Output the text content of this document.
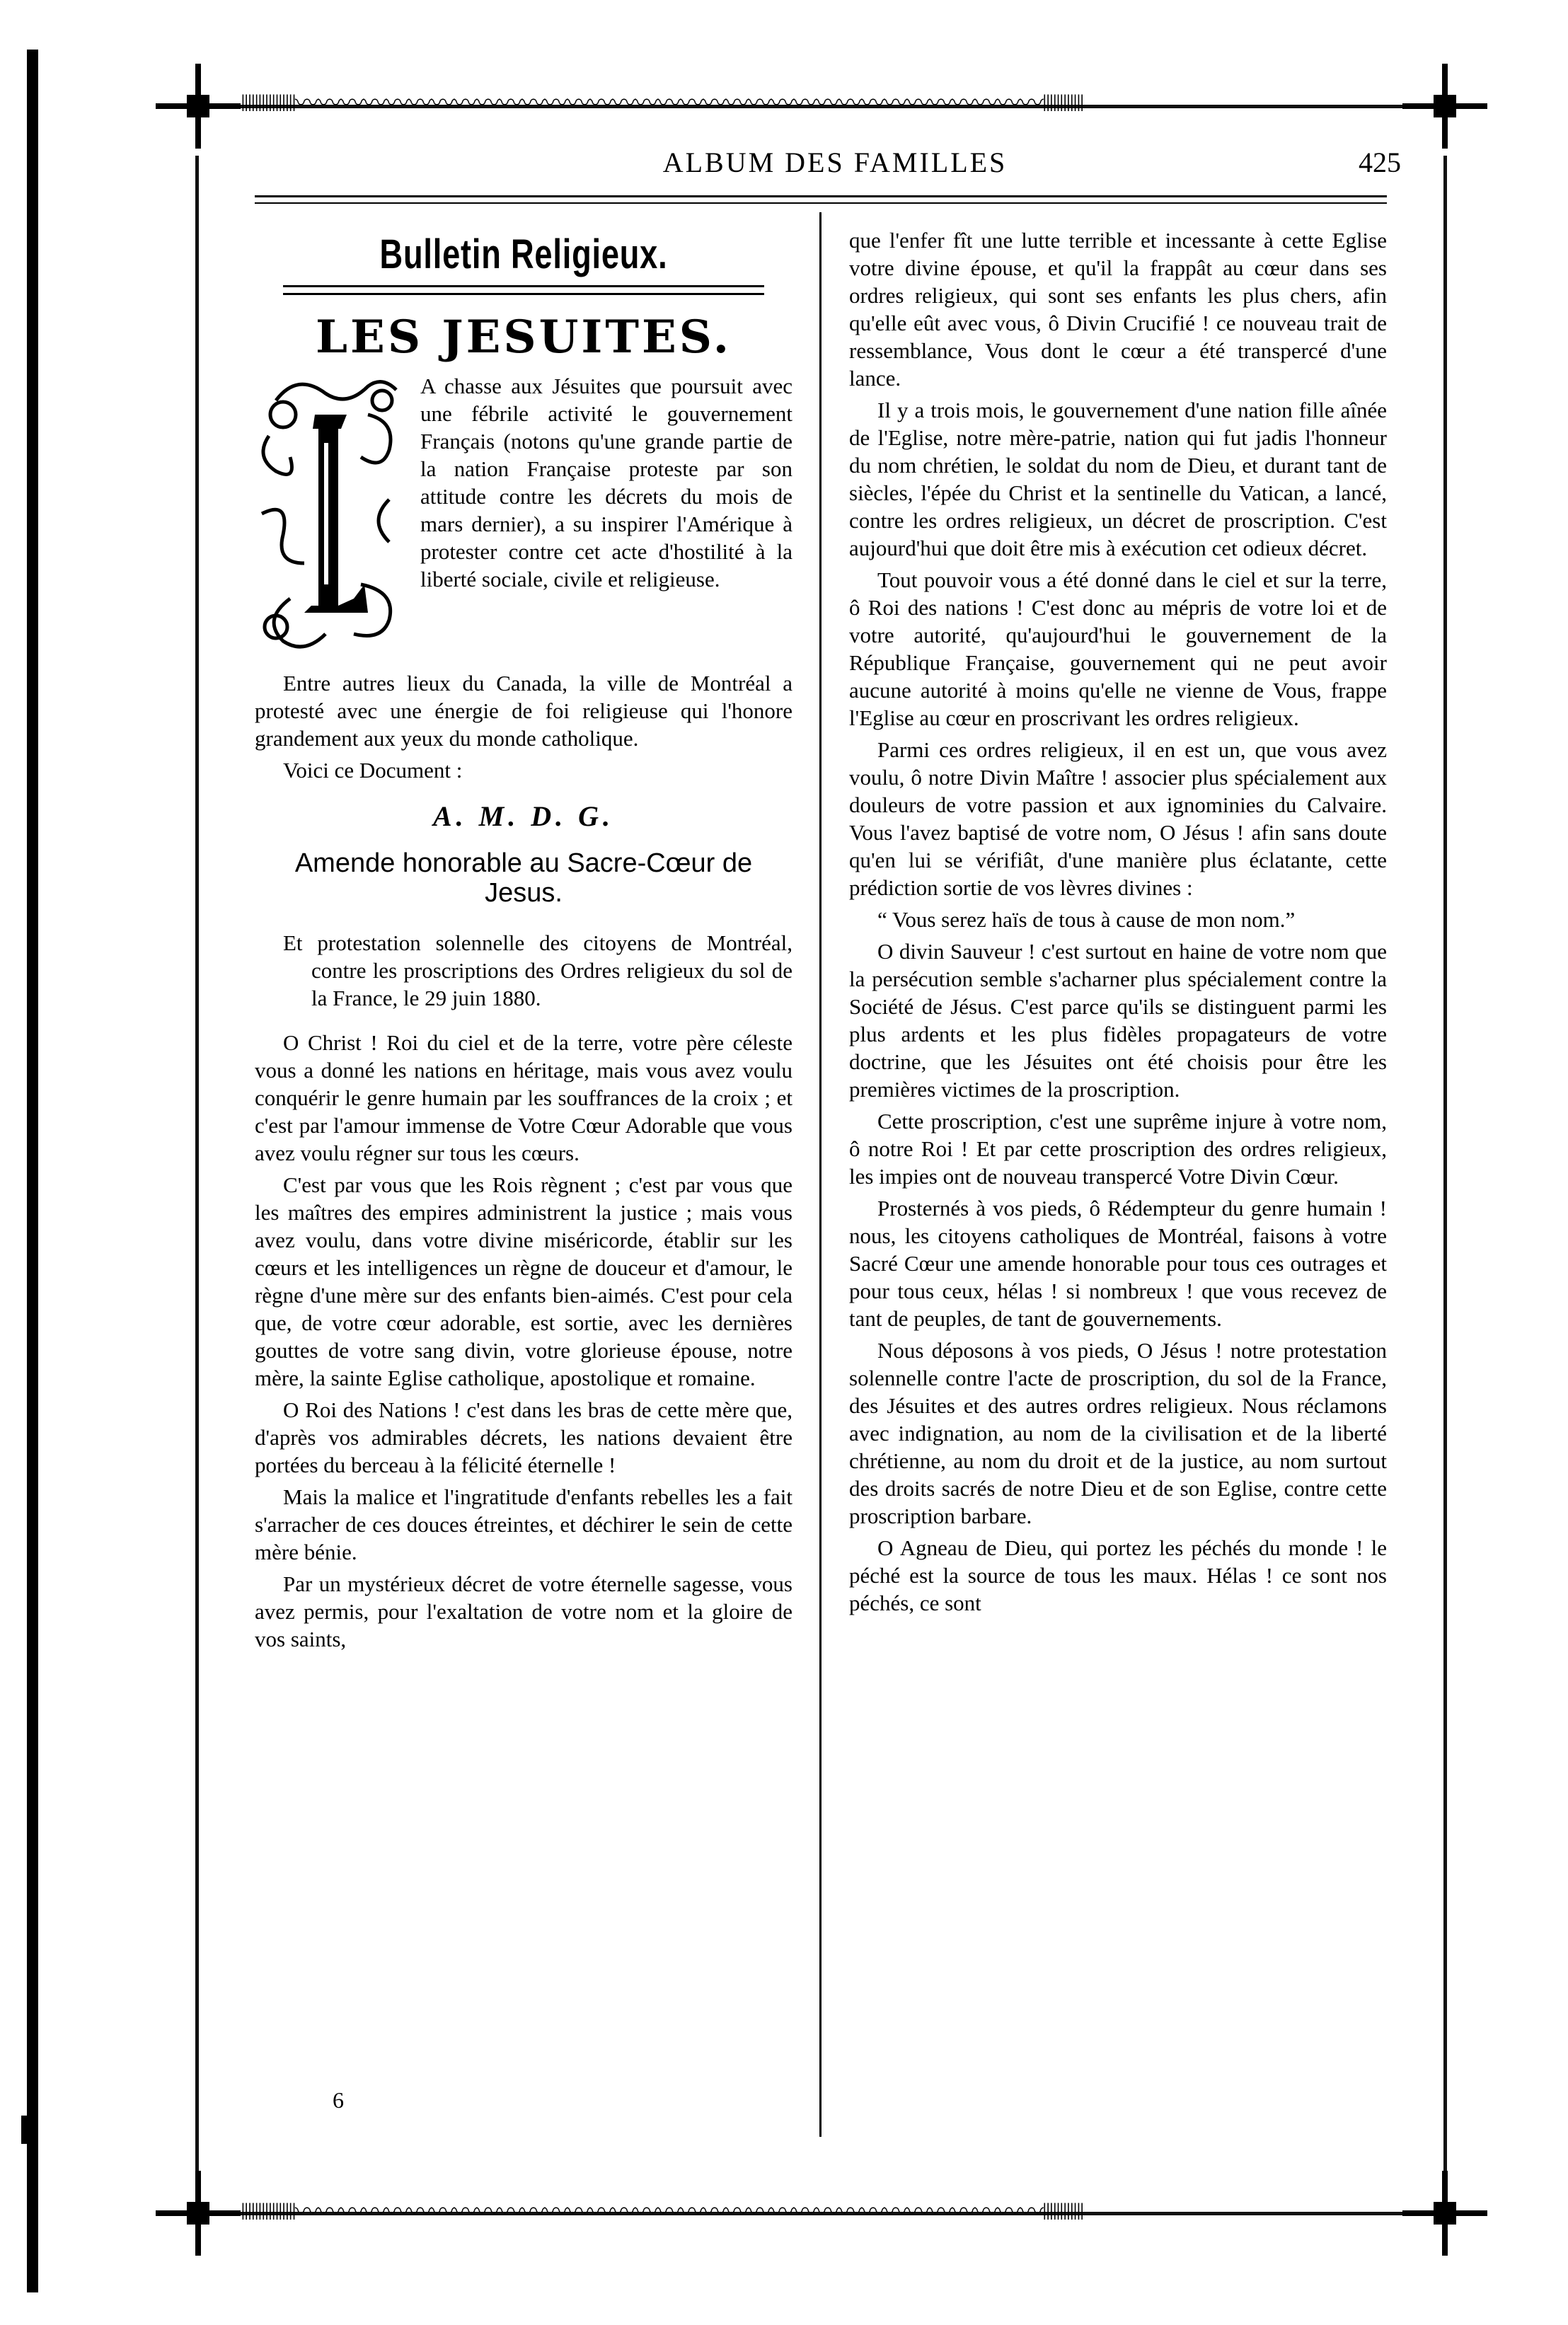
ǀǀǀǀǀǀǀǀǀǀǀǀǀǀǀǀ〰〰〰〰〰〰〰〰〰〰〰〰〰〰〰〰〰〰〰〰〰〰〰〰〰〰〰〰〰〰〰〰〰ǀǀǀǀǀǀǀǀǀǀǀǀ
ǀǀǀǀǀǀǀǀǀǀǀǀǀǀǀǀ〰〰〰〰〰〰〰〰〰〰〰〰〰〰〰〰〰〰〰〰〰〰〰〰〰〰〰〰〰〰〰〰〰ǀǀǀǀǀǀǀǀǀǀǀǀ
ALBUM DES FAMILLES	425
Bulletin Religieux.
LES JESUITES.

A chasse aux Jésuites que poursuit avec une fébrile activité le gouvernement Français (notons qu'une grande partie de la nation Française proteste par son attitude contre les décrets du mois de mars dernier), a su inspirer l'Amérique à protester contre cet acte d'hostilité à la liberté sociale, civile et religieuse.

Entre autres lieux du Canada, la ville de Montréal a protesté avec une énergie de foi religieuse qui l'honore grandement aux yeux du monde catholique.

Voici ce Document :

A. M. D. G.
Amende honorable au Sacre-Cœur de Jesus.

Et protestation solennelle des citoyens de Montréal, contre les proscriptions des Ordres religieux du sol de la France, le 29 juin 1880.

O Christ ! Roi du ciel et de la terre, votre père céleste vous a donné les nations en héritage, mais vous avez voulu conquérir le genre humain par les souffrances de la croix ; et c'est par l'amour immense de Votre Cœur Adorable que vous avez voulu régner sur tous les cœurs.

C'est par vous que les Rois règnent ; c'est par vous que les maîtres des empires administrent la justice ; mais vous avez voulu, dans votre divine miséricorde, établir sur les cœurs et les intelligences un règne de douceur et d'amour, le règne d'une mère sur des enfants bien-aimés. C'est pour cela que, de votre cœur adorable, est sortie, avec les dernières gouttes de votre sang divin, votre glorieuse épouse, notre mère, la sainte Eglise catholique, apostolique et romaine.

O Roi des Nations ! c'est dans les bras de cette mère que, d'après vos admirables décrets, les nations devaient être portées du berceau à la félicité éternelle !

Mais la malice et l'ingratitude d'enfants rebelles les a fait s'arracher de ces douces étreintes, et déchirer le sein de cette mère bénie.

Par un mystérieux décret de votre éternelle sagesse, vous avez permis, pour l'exaltation de votre nom et la gloire de vos saints,

6

que l'enfer fît une lutte terrible et incessante à cette Eglise votre divine épouse, et qu'il la frappât au cœur dans ses ordres religieux, qui sont ses enfants les plus chers, afin qu'elle eût avec vous, ô Divin Crucifié ! ce nouveau trait de ressemblance, Vous dont le cœur a été transpercé d'une lance.

Il y a trois mois, le gouvernement d'une nation fille aînée de l'Eglise, notre mère-patrie, nation qui fut jadis l'honneur du nom chrétien, le soldat du nom de Dieu, et durant tant de siècles, l'épée du Christ et la sentinelle du Vatican, a lancé, contre les ordres religieux, un décret de proscription. C'est aujourd'hui que doit être mis à exécution cet odieux décret.

Tout pouvoir vous a été donné dans le ciel et sur la terre, ô Roi des nations ! C'est donc au mépris de votre loi et de votre autorité, qu'aujourd'hui le gouvernement de la République Française, gouvernement qui ne peut avoir aucune autorité à moins qu'elle ne vienne de Vous, frappe l'Eglise au cœur en proscrivant les ordres religieux.

Parmi ces ordres religieux, il en est un, que vous avez voulu, ô notre Divin Maître ! associer plus spécialement aux douleurs de votre passion et aux ignominies du Calvaire. Vous l'avez baptisé de votre nom, O Jésus ! afin sans doute qu'en lui se vérifiât, d'une manière plus éclatante, cette prédiction sortie de vos lèvres divines :

“ Vous serez haïs de tous à cause de mon nom.”

O divin Sauveur ! c'est surtout en haine de votre nom que la persécution semble s'acharner plus spécialement contre la Société de Jésus. C'est parce qu'ils se distinguent parmi les plus ardents et les plus fidèles propagateurs de votre doctrine, que les Jésuites ont été choisis pour être les premières victimes de la proscription.

Cette proscription, c'est une suprême injure à votre nom, ô notre Roi ! Et par cette proscription des ordres religieux, les impies ont de nouveau transpercé Votre Divin Cœur.

Prosternés à vos pieds, ô Rédempteur du genre humain ! nous, les citoyens catholiques de Montréal, faisons à votre Sacré Cœur une amende honorable pour tous ces outrages et pour tous ceux, hélas ! si nombreux ! que vous recevez de tant de peuples, de tant de gouvernements.

Nous déposons à vos pieds, O Jésus ! notre protestation solennelle contre l'acte de proscription, du sol de la France, des Jésuites et des autres ordres religieux. Nous réclamons avec indignation, au nom de la civilisation et de la liberté chrétienne, au nom du droit et de la justice, au nom surtout des droits sacrés de notre Dieu et de son Eglise, contre cette proscription barbare.

O Agneau de Dieu, qui portez les péchés du monde ! le péché est la source de tous les maux. Hélas ! ce sont nos péchés, ce sont
